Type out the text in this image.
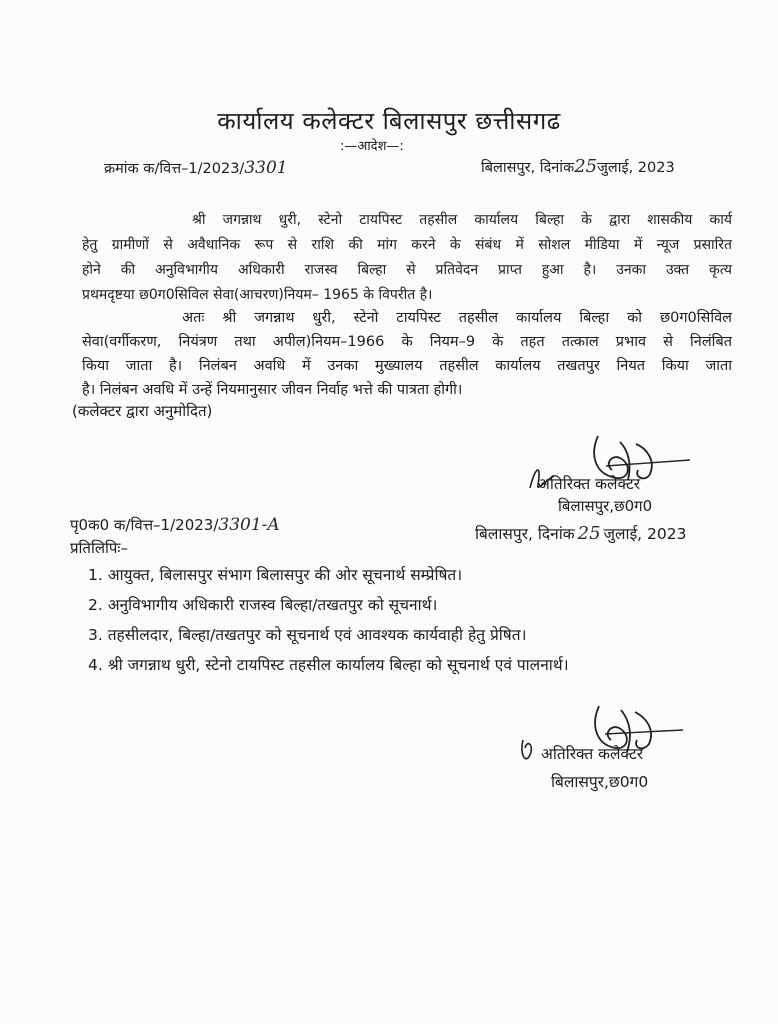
कार्यालय कलेक्टर बिलासपुर छत्तीसगढ
:—आदेश—:
क्रमांक क/वित्त–1/2023/3301	बिलासपुर, दिनांक25जुलाई, 2023
श्री जगन्नाथ धुरी, स्टेनो टायपिस्ट तहसील कार्यालय बिल्हा के द्वारा शासकीय कार्य
हेतु ग्रामीणों से अवैधानिक रूप से राशि की मांग करने के संबंध में सोशल मीडिया में न्यूज प्रसारित
होने की अनुविभागीय अधिकारी राजस्व बिल्हा से प्रतिवेदन प्राप्त हुआ है। उनका उक्त कृत्य
प्रथमदृष्टया छ0ग0सिविल सेवा(आचरण)नियम– 1965 के विपरीत है।
अतः श्री जगन्नाथ धुरी, स्टेनो टायपिस्ट तहसील कार्यालय बिल्हा को छ0ग0सिविल
सेवा(वर्गीकरण, नियंत्रण तथा अपील)नियम–1966 के नियम–9 के तहत तत्काल प्रभाव से निलंबित
किया जाता है। निलंबन अवधि में उनका मुख्यालय तहसील कार्यालय तखतपुर नियत किया जाता
है। निलंबन अवधि में उन्हें नियमानुसार जीवन निर्वाह भत्ते की पात्रता होगी।
(कलेक्टर द्वारा अनुमोदित)
अतिरिक्त कलेक्टर
बिलासपुर,छ0ग0
पृ0क0 क/वित्त–1/2023/3301-A	बिलासपुर, दिनांक 25 जुलाई, 2023
प्रतिलिपिः–
1. आयुक्त, बिलासपुर संभाग बिलासपुर की ओर सूचनार्थ सम्प्रेषित।
2. अनुविभागीय अधिकारी राजस्व बिल्हा/तखतपुर को सूचनार्थ।
3. तहसीलदार, बिल्हा/तखतपुर को सूचनार्थ एवं आवश्यक कार्यवाही हेतु प्रेषित।
4. श्री जगन्नाथ धुरी, स्टेनो टायपिस्ट तहसील कार्यालय बिल्हा को सूचनार्थ एवं पालनार्थ।
अतिरिक्त कलेक्टर
बिलासपुर,छ0ग0
